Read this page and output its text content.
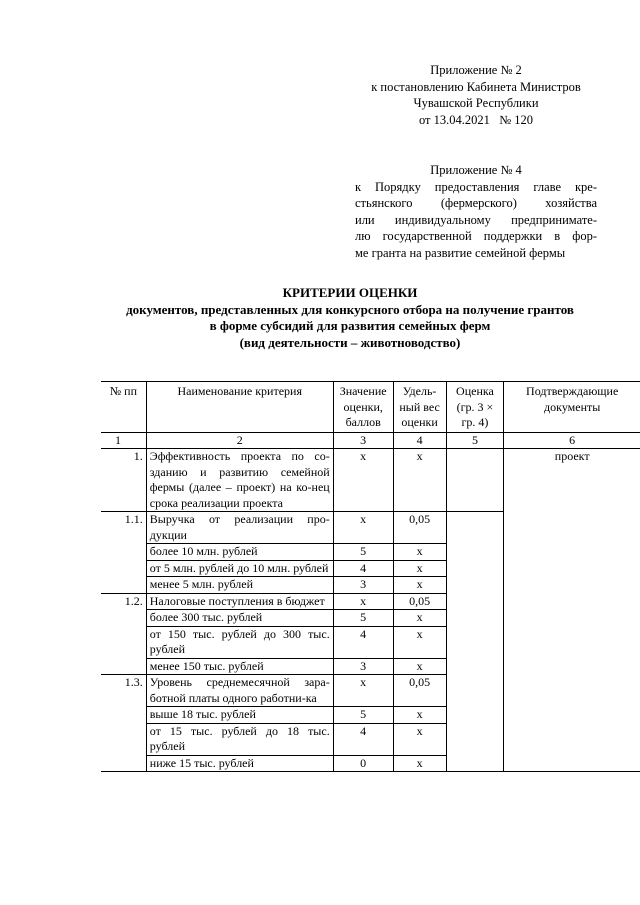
Приложение № 2
к постановлению Кабинета Министров
Чувашской Республики
от 13.04.2021   № 120
Приложение № 4
к Порядку предоставления главе кре-
стьянского (фермерского) хозяйства
или индивидуальному предпринимате-
лю государственной поддержки в фор-
ме гранта на развитие семейной фермы
КРИТЕРИИ ОЦЕНКИ
документов, представленных для конкурсного отбора на получение грантов
в форме субсидий для развития семейных ферм
(вид деятельности – животноводство)
№ пп	Наименование критерия	Значение оценки, баллов	Удель-ный вес оценки	Оценка (гр. 3 × гр. 4)	Подтверждающие документы
1	2	3	4	5	6
1.	Эффективность проекта по со-зданию и развитию семейной фермы (далее – проект) на ко-нец срока реализации проекта	х	х		проект
1.1.	Выручка от реализации про-дукции	х	0,05		
	более 10 млн. рублей	5	х		
	от 5 млн. рублей до 10 млн. рублей	4	х		
	менее 5 млн. рублей	3	х		
1.2.	Налоговые поступления в бюджет	х	0,05		
	более 300 тыс. рублей	5	х		
	от 150 тыс. рублей до 300 тыс. рублей	4	х		
	менее 150 тыс. рублей	3	х		
1.3.	Уровень среднемесячной зара-ботной платы одного работни-ка	х	0,05		
	выше 18 тыс. рублей	5	х		
	от 15 тыс. рублей до 18 тыс. рублей	4	х		
	ниже 15 тыс. рублей	0	х		
